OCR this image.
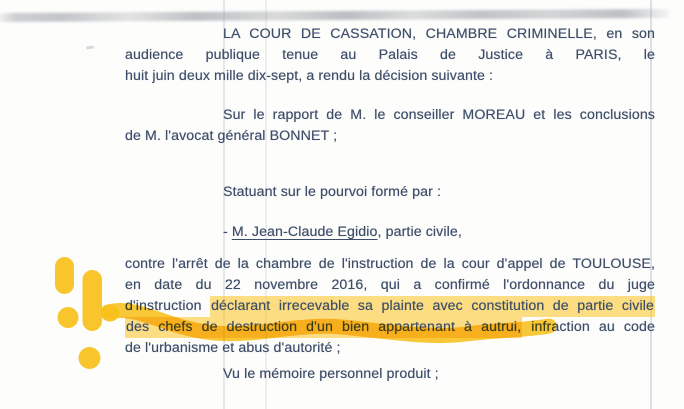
LA COUR DE CASSATION, CHAMBRE CRIMINELLE, en son
audience publique tenue au Palais de Justice à PARIS, le
huit juin deux mille dix-sept, a rendu la décision suivante :
Sur le rapport de M. le conseiller MOREAU et les conclusions
de M. l'avocat général BONNET ;
Statuant sur le pourvoi formé par :
- M. Jean-Claude Egidio, partie civile,
contre l'arrêt de la chambre de l'instruction de la cour d'appel de TOULOUSE,
en date du 22 novembre 2016, qui a confirmé l'ordonnance du juge
d'instruction déclarant irrecevable sa plainte avec constitution de partie civile
des chefs de destruction d'un bien appartenant à autrui, infraction au code
de l'urbanisme et abus d'autorité ;
Vu le mémoire personnel produit ;
